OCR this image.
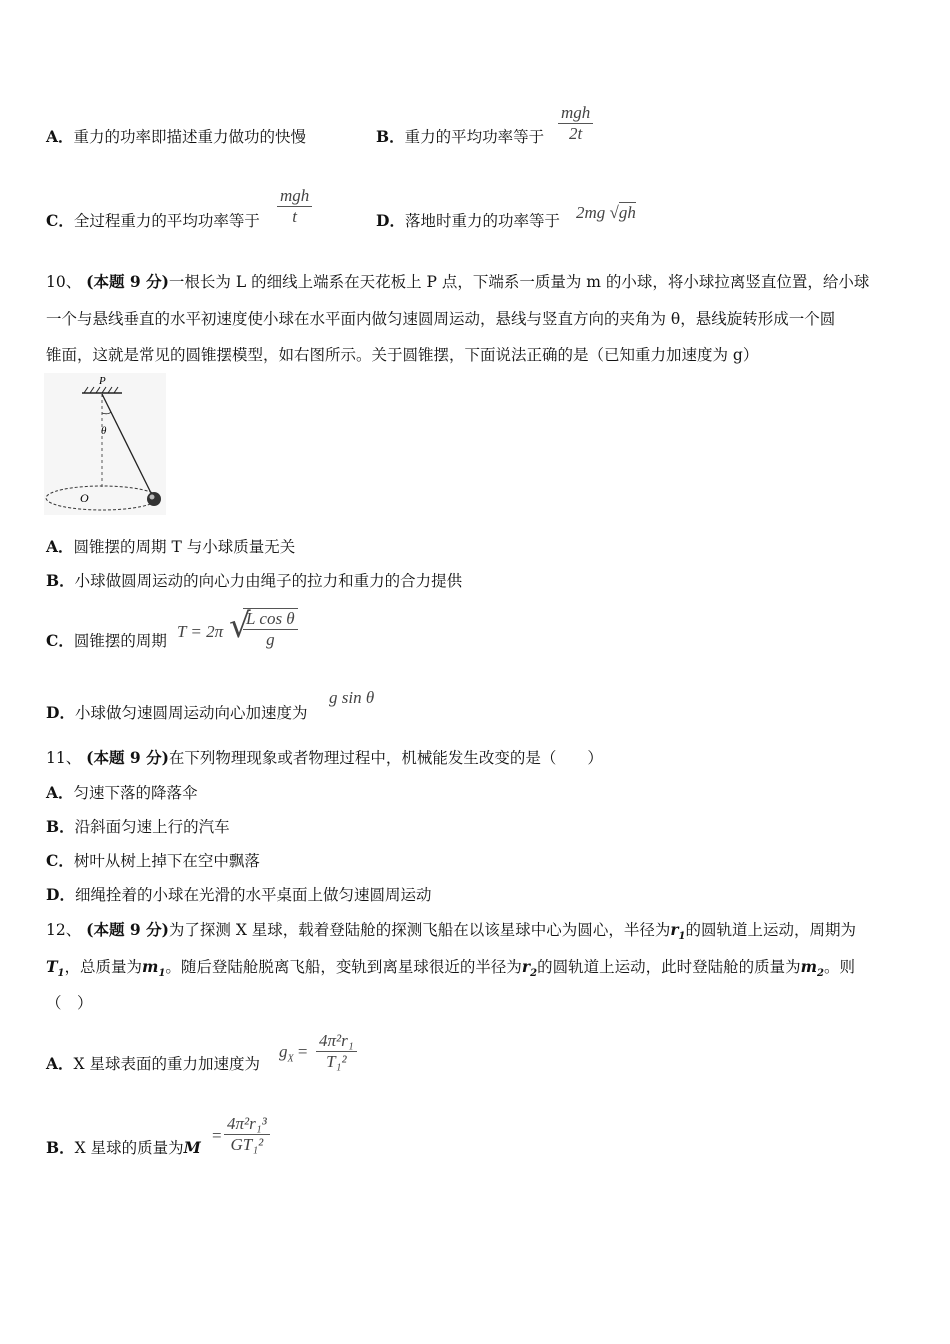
A．重力的功率即描述重力做功的快慢	B．重力的平均功率等于
mgh
2t
C．全过程重力的平均功率等于
mgh
t	D．落地时重力的功率等于 2mg √gh
10、 (本题 9 分)一根长为 L 的细线上端系在天花板上 P 点，下端系一质量为 m 的小球，将小球拉离竖直位置，给小球
一个与悬线垂直的水平初速度使小球在水平面内做匀速圆周运动，悬线与竖直方向的夹角为 θ，悬线旋转形成一个圆
锥面，这就是常见的圆锥摆模型，如右图所示。关于圆锥摆，下面说法正确的是（已知重力加速度为 g）
P
θ
O
A．圆锥摆的周期 T 与小球质量无关
B．小球做圆周运动的向心力由绳子的拉力和重力的合力提供
C．圆锥摆的周期 T = 2π √
$\frac{\text{L cos θ}}{g}$
D．小球做匀速圆周运动向心加速度为
g sin θ
11、 (本题 9 分)在下列物理现象或者物理过程中，机械能发生改变的是（　　）
A．匀速下落的降落伞
B．沿斜面匀速上行的汽车
C．树叶从树上掉下在空中飘落
D．细绳拴着的小球在光滑的水平桌面上做匀速圆周运动
12、 (本题 9 分)为了探测 X 星球，载着登陆舱的探测飞船在以该星球中心为圆心，半径为$r_1$的圆轨道上运动，周期为
$T_1$，总质量为$m_1$。随后登陆舱脱离飞船，变轨到离星球很近的半径为$r_2$的圆轨道上运动，此时登陆舱的质量为$m_2$。则
（　）
A．X 星球表面的重力加速度为
$g_X = \frac{\text{4π²r₁}}{\text{T₁²}}$
B．X 星球的质量为M
= $\frac{\text{4π²r₁³}}{\text{GT₁²}}$
